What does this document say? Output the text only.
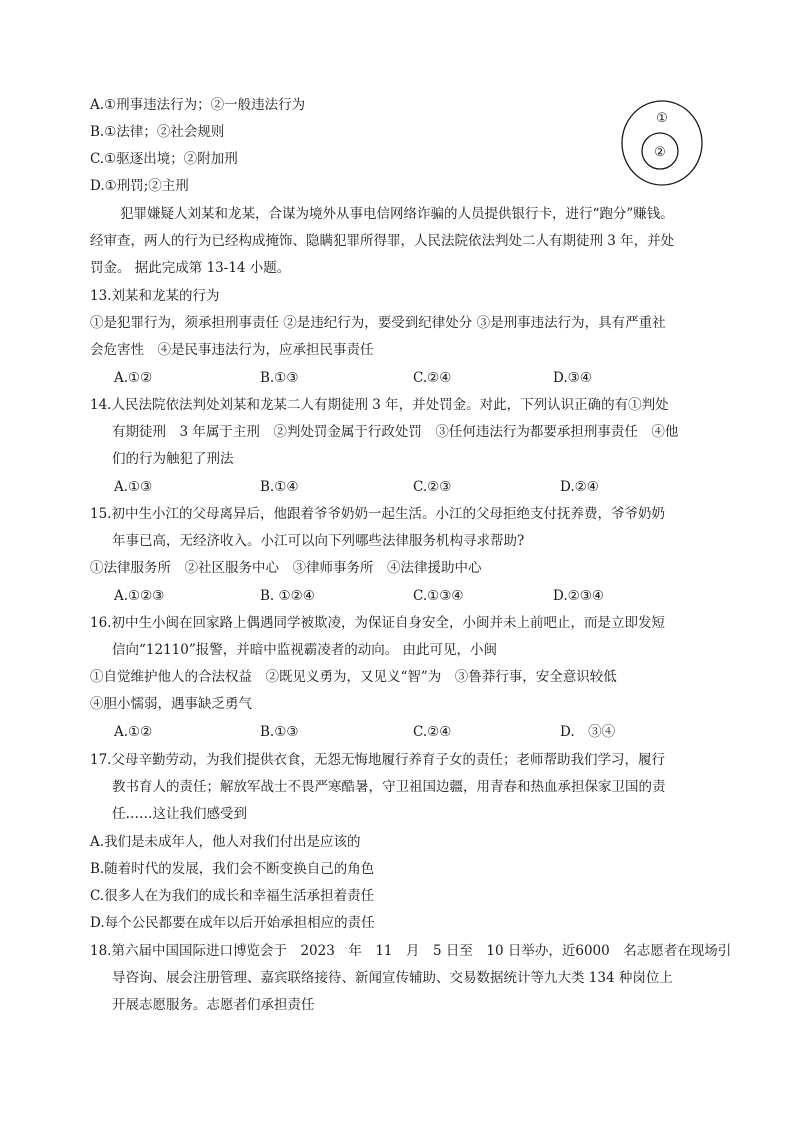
A.①刑事违法行为；②一般违法行为
B.①法律；②社会规则
C.①驱逐出境；②附加刑
D.①刑罚;②主刑
①
②
犯罪嫌疑人刘某和龙某，合谋为境外从事电信网络诈骗的人员提供银行卡，进行“跑分”赚钱。
经审查，两人的行为已经构成掩饰、隐瞒犯罪所得罪，人民法院依法判处二人有期徒刑 3 年，并处
罚金。 据此完成第 13-14 小题。
13.刘某和龙某的行为
①是犯罪行为，须承担刑事责任 ②是违纪行为，要受到纪律处分 ③是刑事违法行为，具有严重社
会危害性　④是民事违法行为，应承担民事责任
A.①②	B.①③	C.②④	D.③④
14.人民法院依法判处刘某和龙某二人有期徒刑 3 年，并处罚金。对此，下列认识正确的有①判处
有期徒刑　3 年属于主刑　②判处罚金属于行政处罚　③任何违法行为都要承担刑事责任　④他
们的行为触犯了刑法
A.①③	B.①④	C.②③	D.②④
15.初中生小江的父母离异后，他跟着爷爷奶奶一起生活。小江的父母拒绝支付抚养费，爷爷奶奶
年事已高，无经济收入。小江可以向下列哪些法律服务机构寻求帮助?
①法律服务所　②社区服务中心　③律师事务所　④法律援助中心
A.①②③	B. ①②④	C.①③④	D.②③④
16.初中生小闽在回家路上偶遇同学被欺凌，为保证自身安全，小闽并未上前吧止，而是立即发短
信向“12110”报警，并暗中监视霸凌者的动向。 由此可见，小闽
①自觉维护他人的合法权益　②既见义勇为，又见义“智”为　③鲁莽行事，安全意识较低
④胆小懦弱，遇事缺乏勇气
A.①②	B.①③	C.②④	D.　③④
17.父母辛勤劳动，为我们提供衣食，无怨无悔地履行养育子女的责任；老师帮助我们学习，履行
教书育人的责任；解放军战士不畏严寒酷暑，守卫祖国边疆，用青春和热血承担保家卫国的责
任……这让我们感受到
A.我们是未成年人，他人对我们付出是应该的
B.随着时代的发展，我们会不断变换自己的角色
C.很多人在为我们的成长和幸福生活承担着责任
D.每个公民都要在成年以后开始承担相应的责任
18.第六届中国国际进口博览会于　2023　年　11　月　5 日至　10 日举办，近6000　名志愿者在现场引
导咨询、展会注册管理、嘉宾联络接待、新闻宣传辅助、交易数据统计等九大类 134 种岗位上
开展志愿服务。志愿者们承担责任
